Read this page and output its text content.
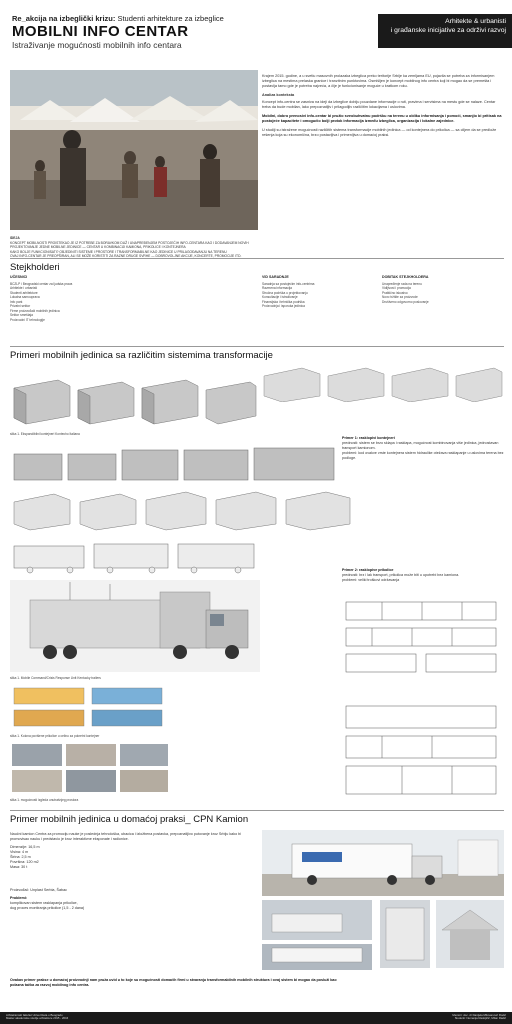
Re_akcija na izbeglički krizu: Studenti arhitekture za izbeglice
MOBILNI INFO CENTAR
Istraživanje mogućnosti mobilnih info centara
Arhitekte & urbanisti
i građanske inicijative za održivi razvoj

Krajem 2015. godine, a u svetlu masovnih prolazaka izbeglica preko teritorije Srbije ka zemljama EU, pojavila se potreba za informisanjem izbeglica na mestima prelaska granice i tranzitnim punktovima. Osmišljen je koncept mobilnog info centra koji bi mogao da se premešta i postavlja tamo gde je potreba najveća, a čije je funkcionisanje moguće u kratkom roku.

Analiza konteksta

Koncept info-centra se zasniva na ideji da izbeglice dobiju pouzdane informacije o ruti, pravima i servisima na mestu gde se nalaze. Centar treba da bude mobilan, lako prepoznatljiv i prilagodljiv različitim lokacijama i uslovima.

Mobilni, dobro prenosivi info-centar bi pružio sveobuhvatnu podršku na terenu u obliku informisanja i pomoći, smanjio bi pritisak na postojeće kapacitete i omogućio bolji protok informacija između izbeglica, organizacija i lokalne zajednice.

U studiji su istražene mogućnosti različitih sistema transformacije mobilnih jedinica — od kontejnera do prikolica — sa ciljem da se predlože rešenja koja su ekonomična, brzo postavljiva i primenljiva u domaćoj praksi.

IDEJA
KONCEPT MOBILNOSTI PROISTEKAO JE IZ POTREBE ZA BORAVKOM DUŽ I UNAPREĐENJEM POSTOJEĆIH INFO-CENTARA KAO I DODAVANJEM NOVIH
PROJEKTOVANJE JEDNE MOBILNE JEDINICE — CENTAR U KOMBINACIJI KAMIONA, PRIKOLICE I KONTEJNERA
KAKO BOLJE FUNKCIONISATI? OBJEDINITI SISTEME I PROSTORE I TRANSFORMABILNE KAO JEDINICE U PRILAGOĐAVANJU NA TERENU
OVAJ INFO-CENTAR JE PREOPŠIRAN, ALI SE MOŽE KORISTITI ZA RAZNE DRUGE SVRHE — DOBROVOLJNE AKCIJE, KONCERTE, PROMOCIJE ITD.
Stejkholderi
UČESNICI
BCZLP i Beogradski centar za ljudska prava
Arhitekte i urbanisti
Studenti arhitekture
Lokalna samouprava
Info park
Privatni sektor
Firme proizvođači mobilnih jedinica
Sektor smeštaja
Proizvodni IT tehnologije
VID SARADNJE
Saradnja sa postojećim info-centrima
Razmena informacija
Stručna podrška u projektovanju
Konsultacije i istraživanje
Finansijska i tehnička podrška
Proizvodnja i isporuka jedinica
DOBITAK STEJKHOLDERA
Unapređenje rada na terenu
Vidljivost i promocija
Praktično iskustvo
Novo tržište za proizvode
Društveno odgovorno poslovanje
Primeri mobilnih jedinica sa različitim sistemima transformacije
slika 1. Ekspandibilni kontejneri Kontecho Italiana
Primer 1: rasklopivi kontejneri
prednosti: sistem se brzo sklapa i rasklapa, mogućnost kombinovanja više jedinica, jednostavan transport kamionom.
problemi: kod ovakve vrste kontejnera sistem hidraulike otežava rasklapanje u uslovima terena bez podloge.
Primer 2: rasklopive prikolice
prednosti: brz i lak transport, prikolica može biti u upotrebi bez kamiona.
problemi: veliki troškovi održavanja
slika 1. Mobile Command/Crisis Response Unit Kentucky trailers
slika 1. Kolona povišene prikolice u celinu za pokretni kontejner
slika 1. mogućnosti izgleda unutrašnjeg prostora
Primer mobilnih jedinica u domaćoj praksi_ CPN Kamion
Naučni kamion Centra za promociju nauke je poslednja tehnološka, ubacica i izložbena postavka, prepoznatljivo putovanje kroz Srbiju kako bi promovisao nauku i predstavio je kroz interaktivne eksponate i radionice.
Dimenzije: 16,5 m
Visina: 4 m
Širina: 2,5 m
Površina: 120 m2
Masa: 30 t
Proizvođač: Unplast Serbia, Šabac
Problemi:
komplikovan sistem rasklapanja prikolice,
dug proces montiranja prikolice (1,5 - 2 dana)
Ovakav primer prakse u domaćoj proizvodnji nam pruža uvid u to koje su mogućnosti domaćih firmi u stvaranju transformabilnih mobilnih struktura i ovaj sistem bi mogao da posluži kao polazna tačka za razvoj mobilnog info centra.
Arhitektonski fakultet Univerziteta u Beogradu
Master akademske studije arhitekture 2015 - 2016
Mentori: doc. dr Danijela Milovanović Rodić
Studenti: Nemanja Radojičić, Milan Radić
